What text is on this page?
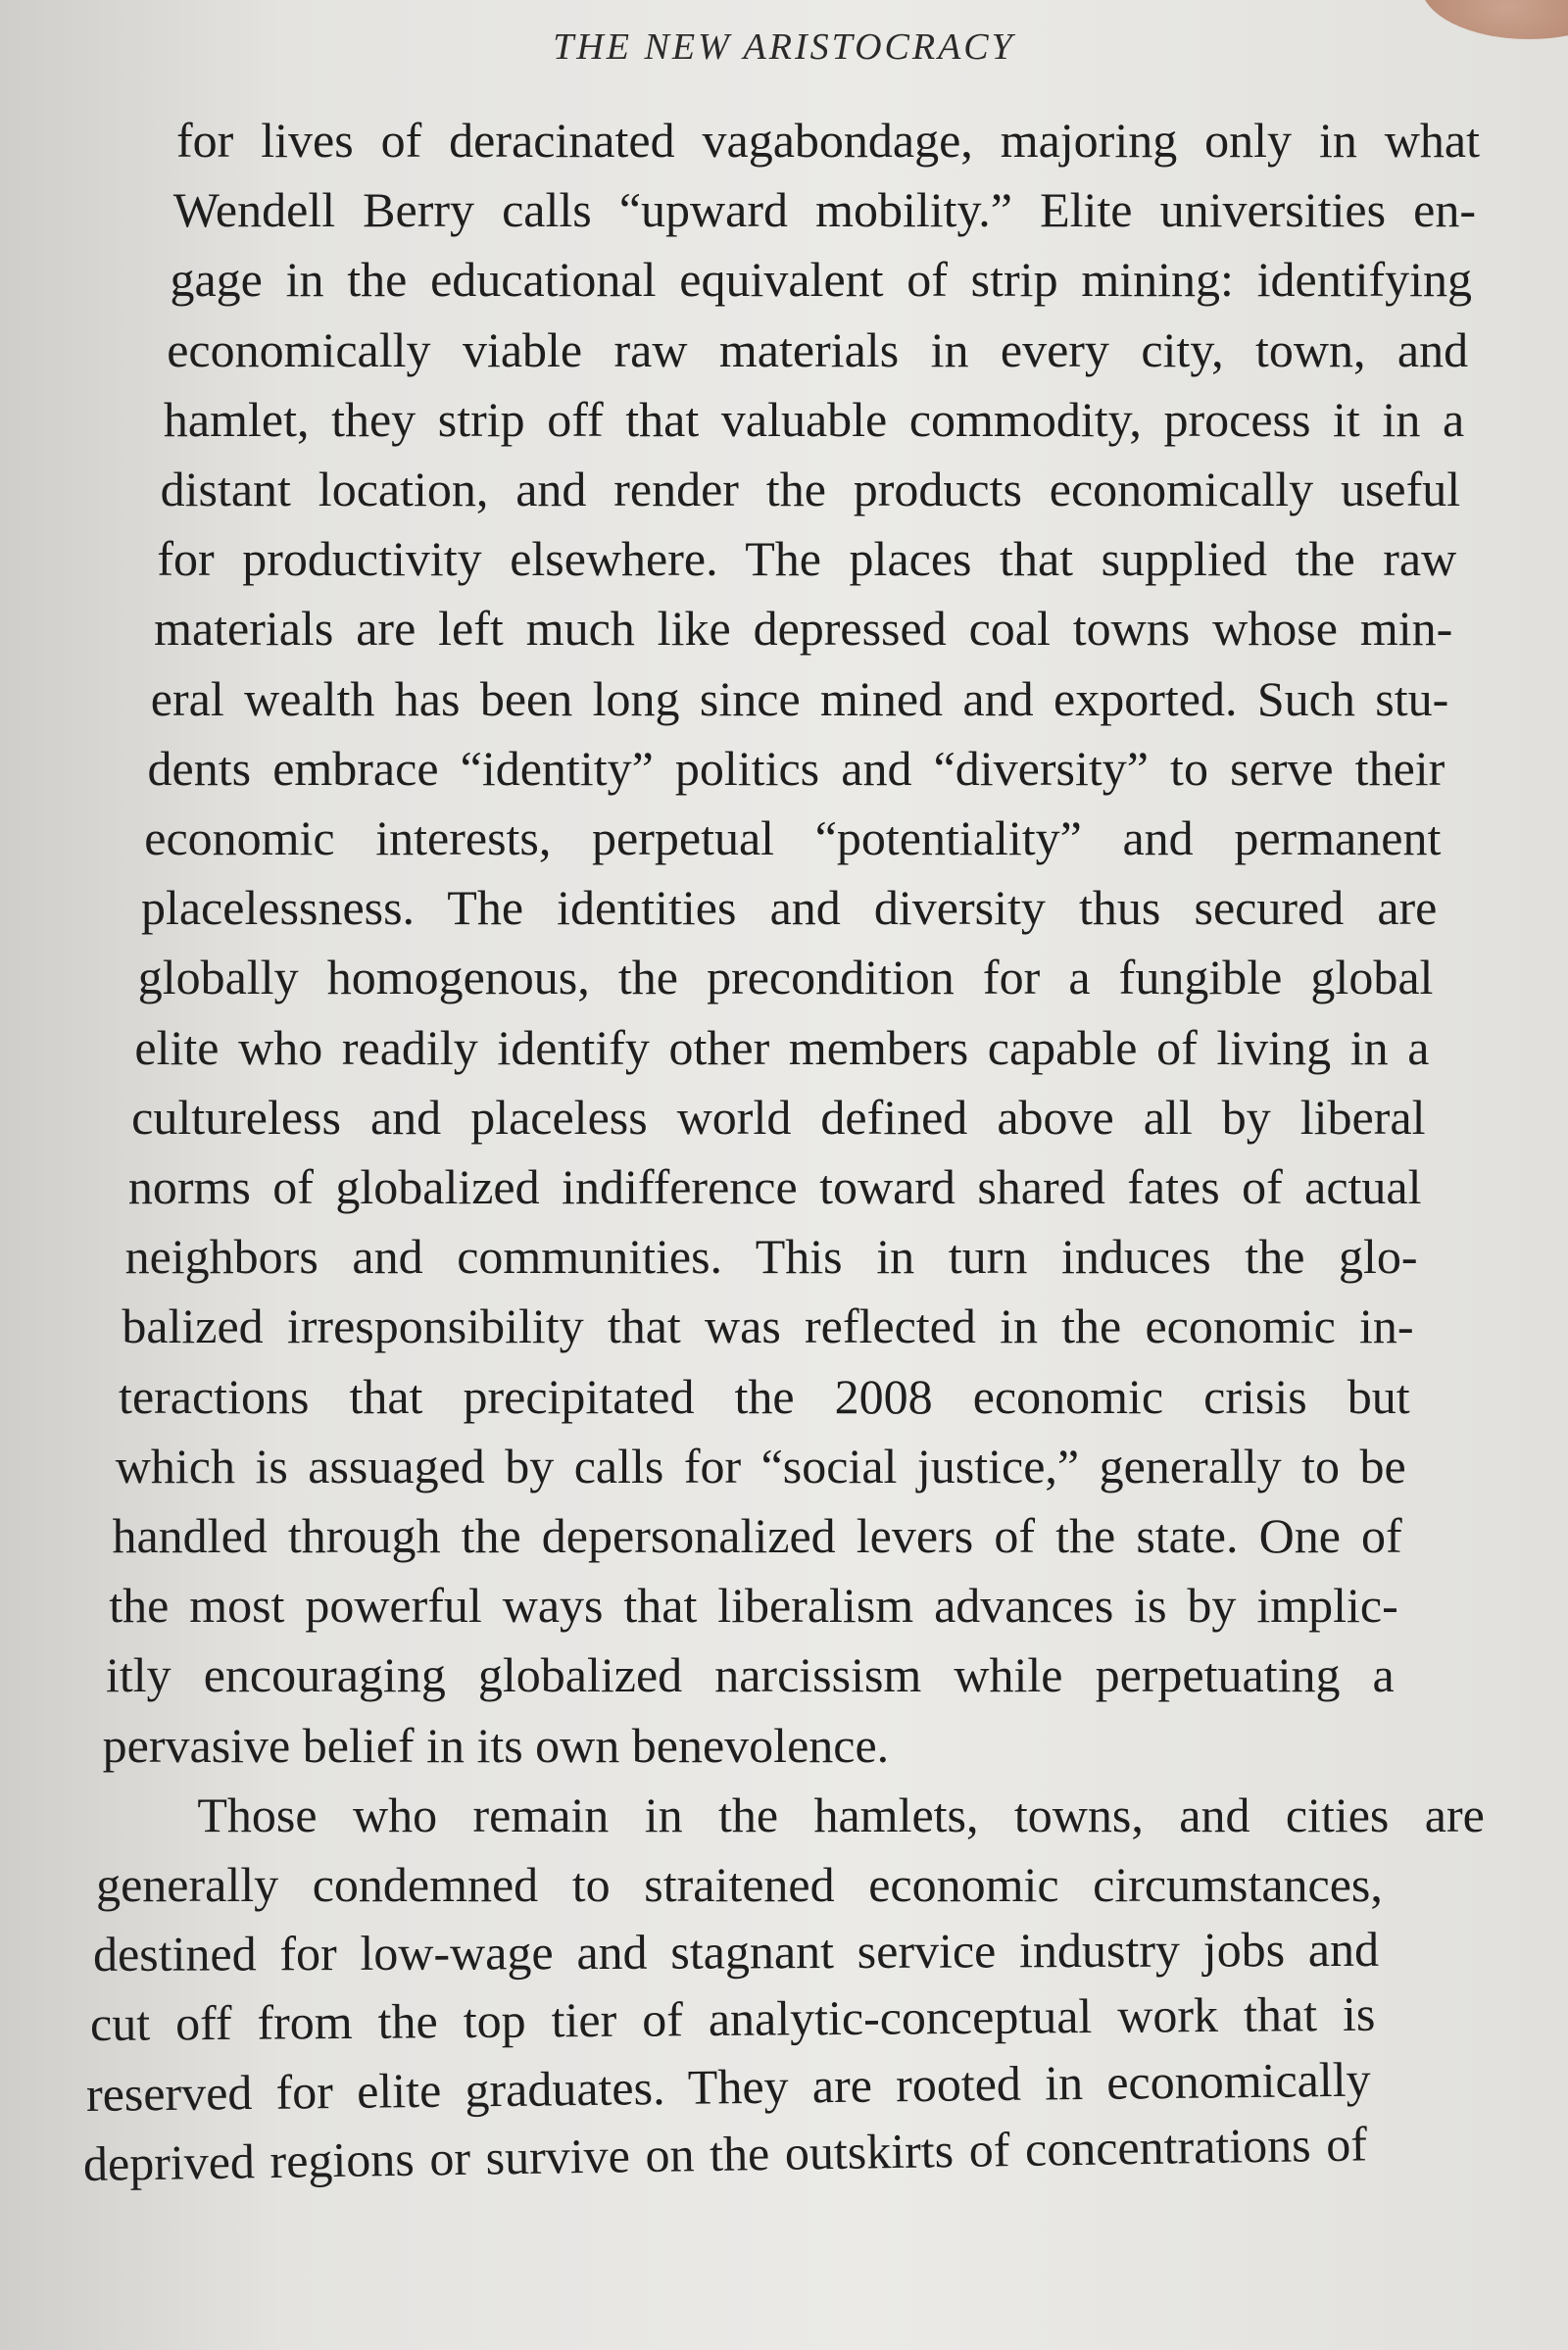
THE NEW ARISTOCRACY
for lives of deracinated vagabondage, majoring only in what
Wendell Berry calls “upward mobility.” Elite universities en-
gage in the educational equivalent of strip mining: identifying
economically viable raw materials in every city, town, and
hamlet, they strip off that valuable commodity, process it in a
distant location, and render the products economically useful
for productivity elsewhere. The places that supplied the raw
materials are left much like depressed coal towns whose min-
eral wealth has been long since mined and exported. Such stu-
dents embrace “identity” politics and “diversity” to serve their
economic interests, perpetual “potentiality” and permanent
placelessness. The identities and diversity thus secured are
globally homogenous, the precondition for a fungible global
elite who readily identify other members capable of living in a
cultureless and placeless world defined above all by liberal
norms of globalized indifference toward shared fates of actual
neighbors and communities. This in turn induces the glo-
balized irresponsibility that was reflected in the economic in-
teractions that precipitated the 2008 economic crisis but
which is assuaged by calls for “social justice,” generally to be
handled through the depersonalized levers of the state. One of
the most powerful ways that liberalism advances is by implic-
itly encouraging globalized narcissism while perpetuating a
pervasive belief in its own benevolence.
Those who remain in the hamlets, towns, and cities are
generally condemned to straitened economic circumstances,
destined for low-wage and stagnant service industry jobs and
cut off from the top tier of analytic-conceptual work that is
reserved for elite graduates. They are rooted in economically
deprived regions or survive on the outskirts of concentrations of
